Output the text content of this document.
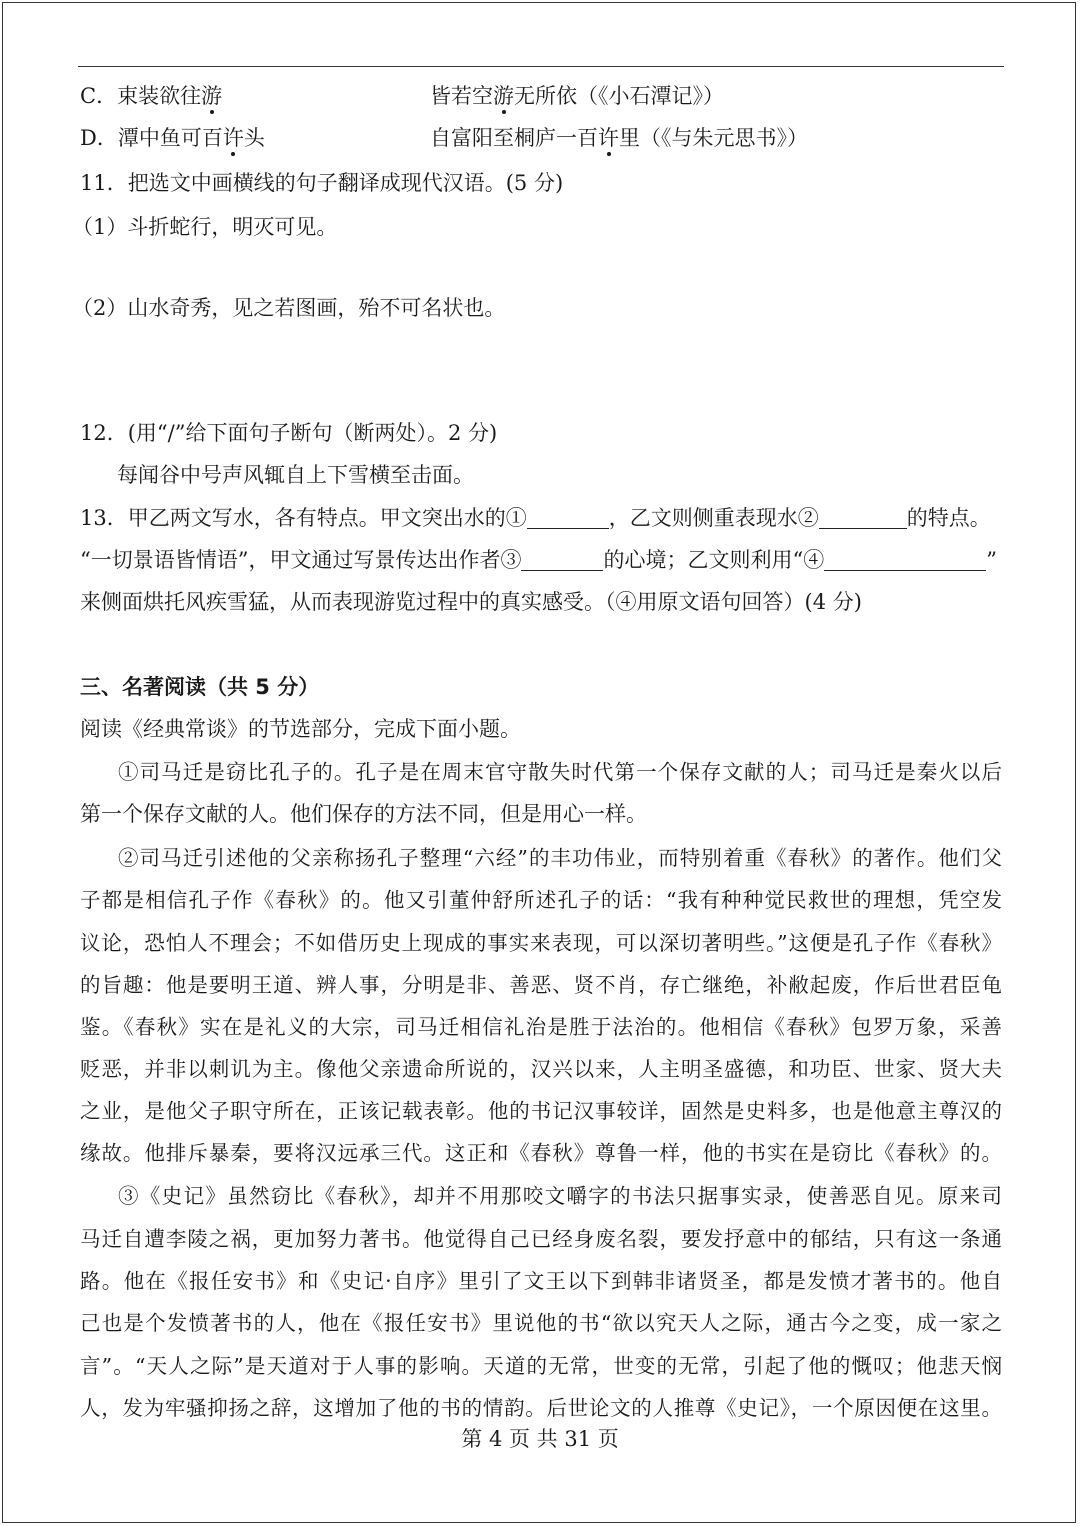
C．束装欲往游	皆若空游无所依（《小石潭记》）
D．潭中鱼可百许头	自富阳至桐庐一百许里（《与朱元思书》）
11．把选文中画横线的句子翻译成现代汉语。(5 分)
（1）斗折蛇行，明灭可见。
（2）山水奇秀，见之若图画，殆不可名状也。
12．(用“/”给下面句子断句（断两处）。2 分)
每闻谷中号声风辄自上下雪横至击面。
13．甲乙两文写水，各有特点。甲文突出水的①	，乙文则侧重表现水②	的特点。
“一切景语皆情语”，甲文通过写景传达出作者③	的心境；乙文则利用“④	”
来侧面烘托风疾雪猛，从而表现游览过程中的真实感受。（④用原文语句回答）(4 分)
三、名著阅读（共 5 分）
阅读《经典常谈》的节选部分，完成下面小题。
①司马迁是窃比孔子的。孔子是在周末官守散失时代第一个保存文献的人；司马迁是秦火以后
第一个保存文献的人。他们保存的方法不同，但是用心一样。
②司马迁引述他的父亲称扬孔子整理“六经”的丰功伟业，而特别着重《春秋》的著作。他们父
子都是相信孔子作《春秋》的。他又引董仲舒所述孔子的话：“我有种种觉民救世的理想，凭空发
议论，恐怕人不理会；不如借历史上现成的事实来表现，可以深切著明些。”这便是孔子作《春秋》
的旨趣：他是要明王道、辨人事，分明是非、善恶、贤不肖，存亡继绝，补敝起废，作后世君臣龟
鉴。《春秋》实在是礼义的大宗，司马迁相信礼治是胜于法治的。他相信《春秋》包罗万象，采善
贬恶，并非以刺讥为主。像他父亲遗命所说的，汉兴以来，人主明圣盛德，和功臣、世家、贤大夫
之业，是他父子职守所在，正该记载表彰。他的书记汉事较详，固然是史料多，也是他意主尊汉的
缘故。他排斥暴秦，要将汉远承三代。这正和《春秋》尊鲁一样，他的书实在是窃比《春秋》的。
③《史记》虽然窃比《春秋》，却并不用那咬文嚼字的书法只据事实录，使善恶自见。原来司
马迁自遭李陵之祸，更加努力著书。他觉得自己已经身废名裂，要发抒意中的郁结，只有这一条通
路。他在《报任安书》和《史记·自序》里引了文王以下到韩非诸贤圣，都是发愤才著书的。他自
己也是个发愤著书的人，他在《报任安书》里说他的书“欲以究天人之际，通古今之变，成一家之
言”。“天人之际”是天道对于人事的影响。天道的无常，世变的无常，引起了他的慨叹；他悲天悯
人，发为牢骚抑扬之辞，这增加了他的书的情韵。后世论文的人推尊《史记》，一个原因便在这里。
第 4 页 共 31 页
